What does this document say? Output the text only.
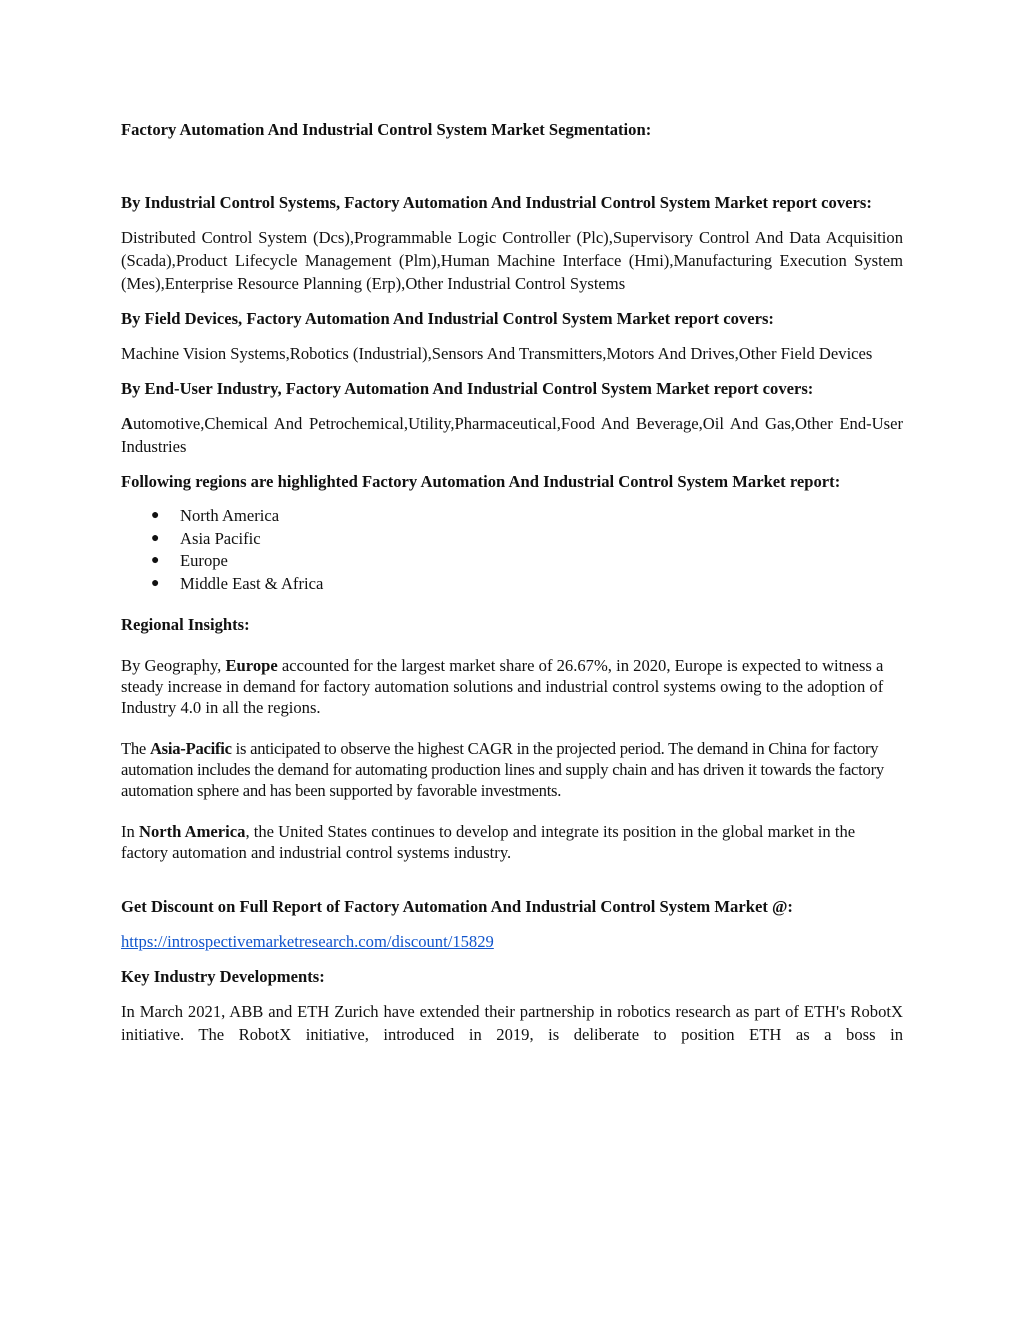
Factory Automation And Industrial Control System Market Segmentation:
By Industrial Control Systems, Factory Automation And Industrial Control System Market report covers:

Distributed Control System (Dcs),Programmable Logic Controller (Plc),Supervisory Control And Data Acquisition (Scada),Product Lifecycle Management (Plm),Human Machine Interface (Hmi),Manufacturing Execution System (Mes),Enterprise Resource Planning (Erp),Other Industrial Control Systems

By Field Devices, Factory Automation And Industrial Control System Market report covers:

Machine Vision Systems,Robotics (Industrial),Sensors And Transmitters,Motors And Drives,Other Field Devices

By End-User Industry, Factory Automation And Industrial Control System Market report covers:

Automotive,Chemical And Petrochemical,Utility,Pharmaceutical,Food And Beverage,Oil And Gas,Other End-User Industries

Following regions are highlighted Factory Automation And Industrial Control System Market report:
● North America
● Asia Pacific
● Europe
● Middle East & Africa
Regional Insights:

By Geography, Europe accounted for the largest market share of 26.67%, in 2020, Europe is expected to witness a steady increase in demand for factory automation solutions and industrial control systems owing to the adoption of Industry 4.0 in all the regions.

The Asia-Pacific is anticipated to observe the highest CAGR in the projected period. The demand in China for factory automation includes the demand for automating production lines and supply chain and has driven it towards the factory automation sphere and has been supported by favorable investments.

In North America, the United States continues to develop and integrate its position in the global market in the factory automation and industrial control systems industry.

Get Discount on Full Report of Factory Automation And Industrial Control System Market @:
https://introspectivemarketresearch.com/discount/15829
Key Industry Developments:

In March 2021, ABB and ETH Zurich have extended their partnership in robotics research as part of ETH's RobotX initiative. The RobotX initiative, introduced in 2019, is deliberate to position ETH as a boss in
